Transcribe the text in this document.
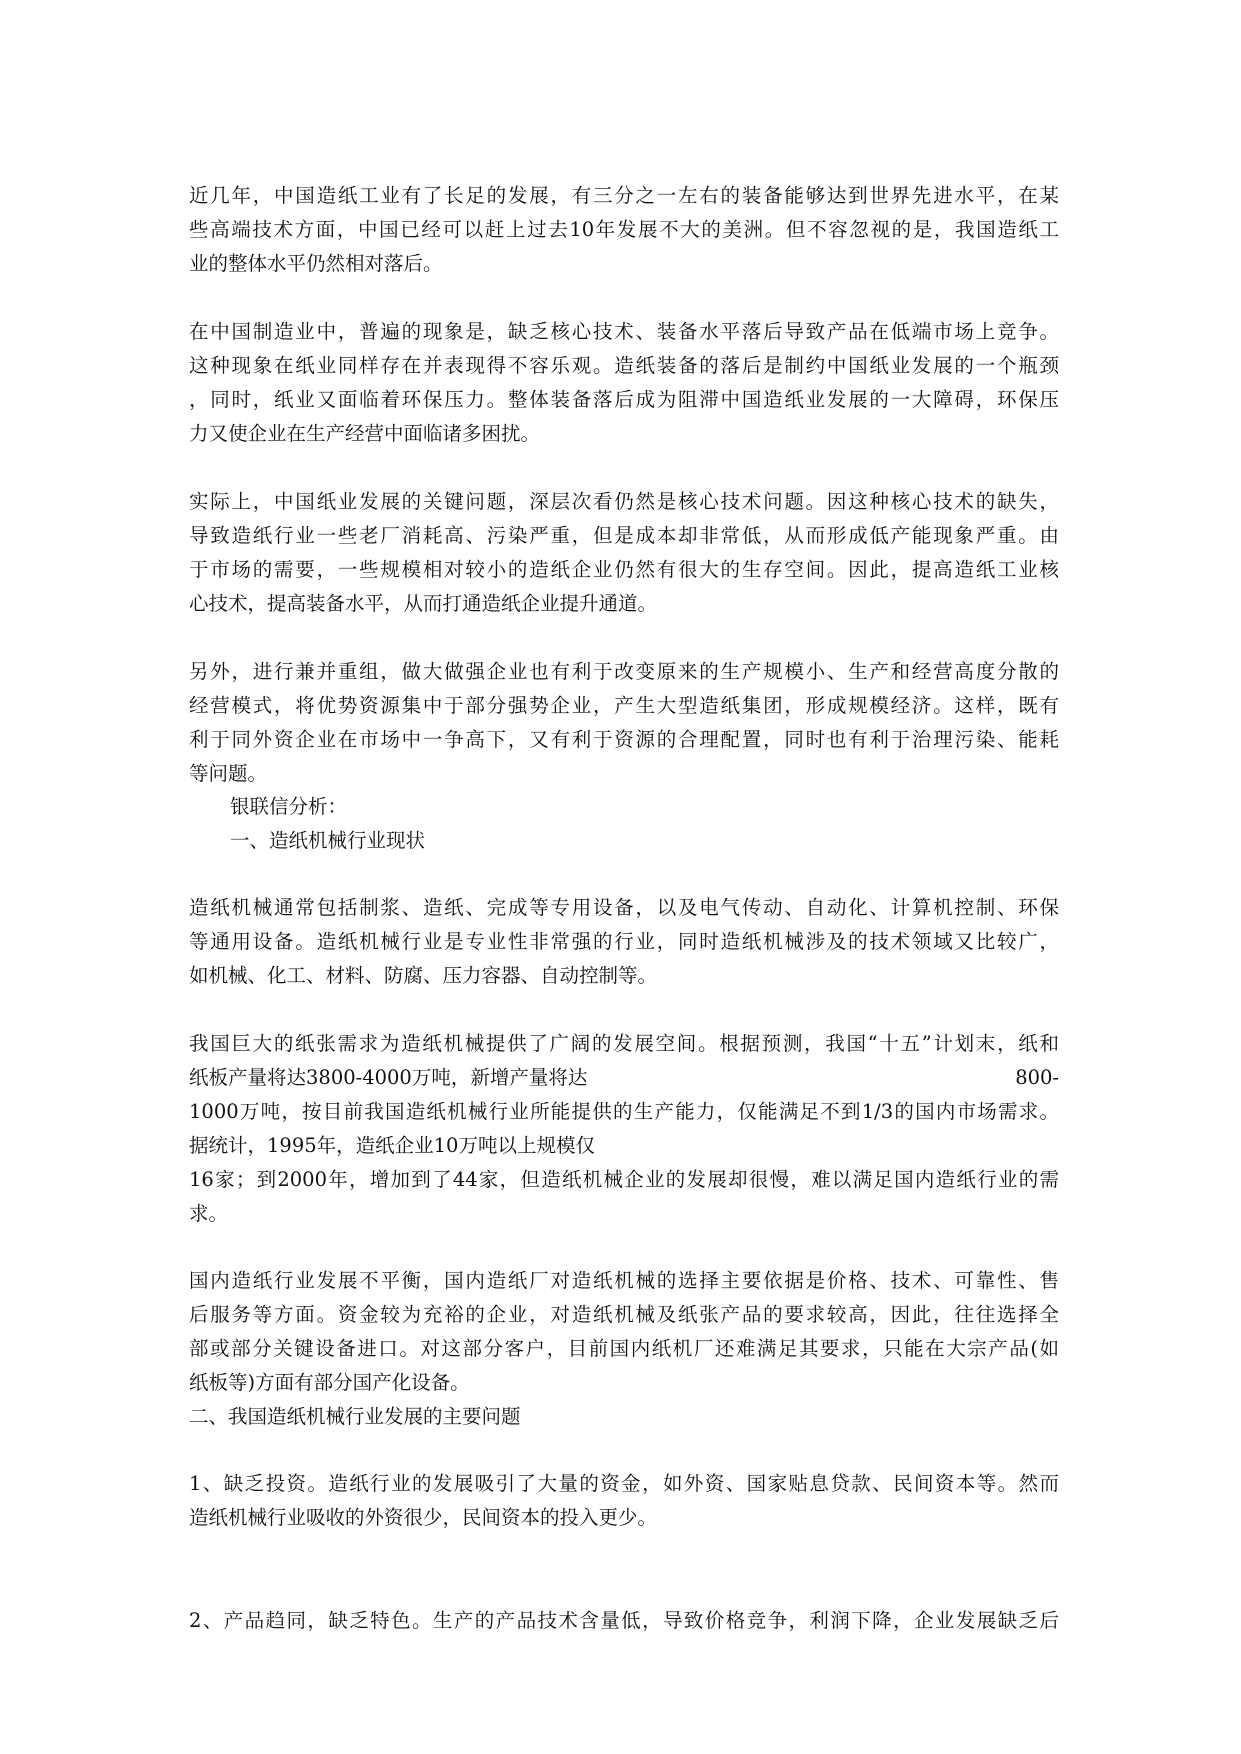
近几年，中国造纸工业有了长足的发展，有三分之一左右的装备能够达到世界先进水平，在某
些高端技术方面，中国已经可以赶上过去10年发展不大的美洲。但不容忽视的是，我国造纸工
业的整体水平仍然相对落后。
在中国制造业中，普遍的现象是，缺乏核心技术、装备水平落后导致产品在低端市场上竞争。
这种现象在纸业同样存在并表现得不容乐观。造纸装备的落后是制约中国纸业发展的一个瓶颈
，同时，纸业又面临着环保压力。整体装备落后成为阻滞中国造纸业发展的一大障碍，环保压
力又使企业在生产经营中面临诸多困扰。
实际上，中国纸业发展的关键问题，深层次看仍然是核心技术问题。因这种核心技术的缺失，
导致造纸行业一些老厂消耗高、污染严重，但是成本却非常低，从而形成低产能现象严重。由
于市场的需要，一些规模相对较小的造纸企业仍然有很大的生存空间。因此，提高造纸工业核
心技术，提高装备水平，从而打通造纸企业提升通道。
另外，进行兼并重组，做大做强企业也有利于改变原来的生产规模小、生产和经营高度分散的
经营模式，将优势资源集中于部分强势企业，产生大型造纸集团，形成规模经济。这样，既有
利于同外资企业在市场中一争高下，又有利于资源的合理配置，同时也有利于治理污染、能耗
等问题。
银联信分析：
一、造纸机械行业现状
造纸机械通常包括制浆、造纸、完成等专用设备，以及电气传动、自动化、计算机控制、环保
等通用设备。造纸机械行业是专业性非常强的行业，同时造纸机械涉及的技术领域又比较广，
如机械、化工、材料、防腐、压力容器、自动控制等。
我国巨大的纸张需求为造纸机械提供了广阔的发展空间。根据预测，我国“十五”计划末，纸和
纸板产量将达3800-4000万吨，新增产量将达	800-
1000万吨，按目前我国造纸机械行业所能提供的生产能力，仅能满足不到1/3的国内市场需求。
据统计，1995年，造纸企业10万吨以上规模仅
16家；到2000年，增加到了44家，但造纸机械企业的发展却很慢，难以满足国内造纸行业的需
求。
国内造纸行业发展不平衡，国内造纸厂对造纸机械的选择主要依据是价格、技术、可靠性、售
后服务等方面。资金较为充裕的企业，对造纸机械及纸张产品的要求较高，因此，往往选择全
部或部分关键设备进口。对这部分客户，目前国内纸机厂还难满足其要求，只能在大宗产品(如
纸板等)方面有部分国产化设备。
二、我国造纸机械行业发展的主要问题
1、缺乏投资。造纸行业的发展吸引了大量的资金，如外资、国家贴息贷款、民间资本等。然而
造纸机械行业吸收的外资很少，民间资本的投入更少。
2、产品趋同，缺乏特色。生产的产品技术含量低，导致价格竞争，利润下降，企业发展缺乏后
